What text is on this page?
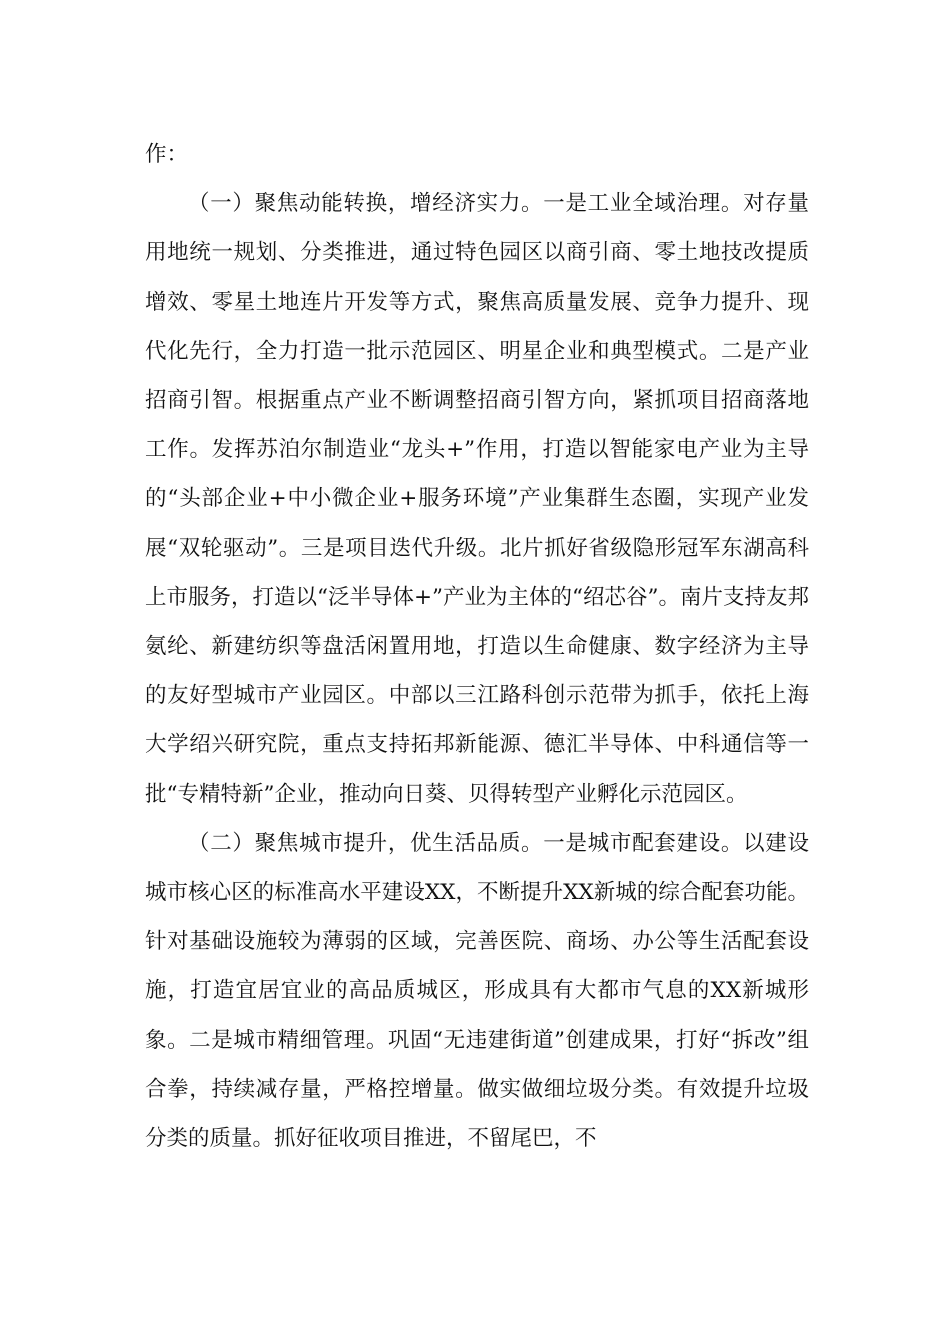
作：

（一）聚焦动能转换，增经济实力。一是工业全域治理。对存量用地统一规划、分类推进，通过特色园区以商引商、零土地技改提质增效、零星土地连片开发等方式，聚焦高质量发展、竞争力提升、现代化先行，全力打造一批示范园区、明星企业和典型模式。二是产业招商引智。根据重点产业不断调整招商引智方向，紧抓项目招商落地工作。发挥苏泊尔制造业“龙头+”作用，打造以智能家电产业为主导的“头部企业+中小微企业+服务环境”产业集群生态圈，实现产业发展“双轮驱动”。三是项目迭代升级。北片抓好省级隐形冠军东湖高科上市服务，打造以“泛半导体+”产业为主体的“绍芯谷”。南片支持友邦氨纶、新建纺织等盘活闲置用地，打造以生命健康、数字经济为主导的友好型城市产业园区。中部以三江路科创示范带为抓手，依托上海大学绍兴研究院，重点支持拓邦新能源、德汇半导体、中科通信等一批“专精特新”企业，推动向日葵、贝得转型产业孵化示范园区。

（二）聚焦城市提升，优生活品质。一是城市配套建设。以建设城市核心区的标准高水平建设XX，不断提升XX新城的综合配套功能。针对基础设施较为薄弱的区域，完善医院、商场、办公等生活配套设施，打造宜居宜业的高品质城区，形成具有大都市气息的XX新城形象。二是城市精细管理。巩固“无违建街道”创建成果，打好“拆改”组合拳，持续减存量，严格控增量。做实做细垃圾分类。有效提升垃圾分类的质量。抓好征收项目推进，不留尾巴，不
